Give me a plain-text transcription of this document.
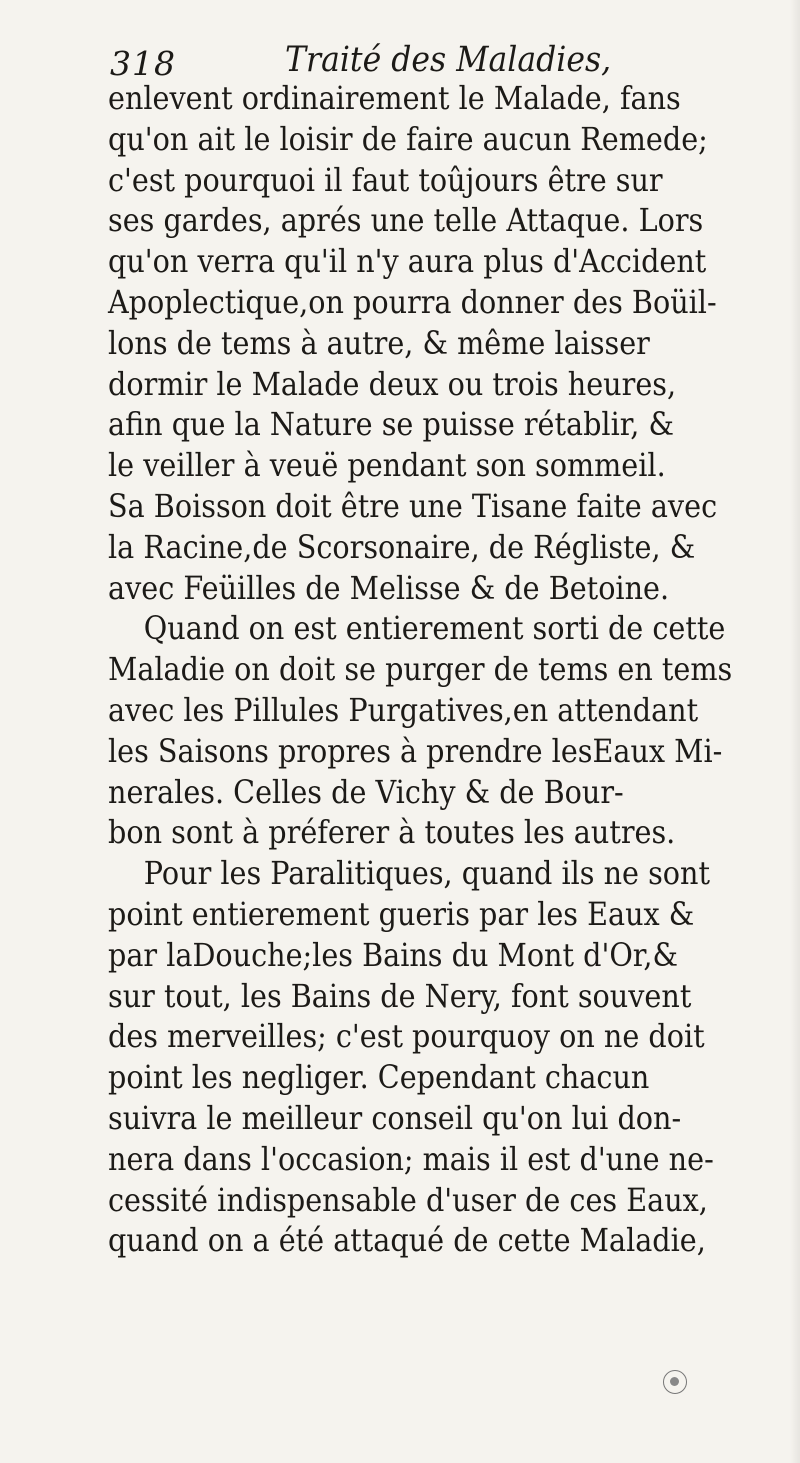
318	Traité des Maladies,
enlevent ordinairement le Malade, fans
qu'on ait le loisir de faire aucun Remede;
c'est pourquoi il faut toûjours être sur
ses gardes, aprés une telle Attaque. Lors
qu'on verra qu'il n'y aura plus d'Accident
Apoplectique,on pourra donner des Boüil-
lons de tems à autre, & même laisser
dormir le Malade deux ou trois heures,
afin que la Nature se puisse rétablir, &
le veiller à veuë pendant son sommeil.
Sa Boisson doit être une Tisane faite avec
la Racine,de Scorsonaire, de Régliste, &
avec Feüilles de Melisse & de Betoine.
Quand on est entierement sorti de cette
Maladie on doit se purger de tems en tems
avec les Pillules Purgatives,en attendant
les Saisons propres à prendre lesEaux Mi-
nerales. Celles de Vichy & de Bour-
bon sont à préferer à toutes les autres.
Pour les Paralitiques, quand ils ne sont
point entierement gueris par les Eaux &
par laDouche;les Bains du Mont d'Or,&
sur tout, les Bains de Nery, font souvent
des merveilles; c'est pourquoy on ne doit
point les negliger. Cependant chacun
suivra le meilleur conseil qu'on lui don-
nera dans l'occasion; mais il est d'une ne-
cessité indispensable d'user de ces Eaux,
quand on a été attaqué de cette Maladie,
